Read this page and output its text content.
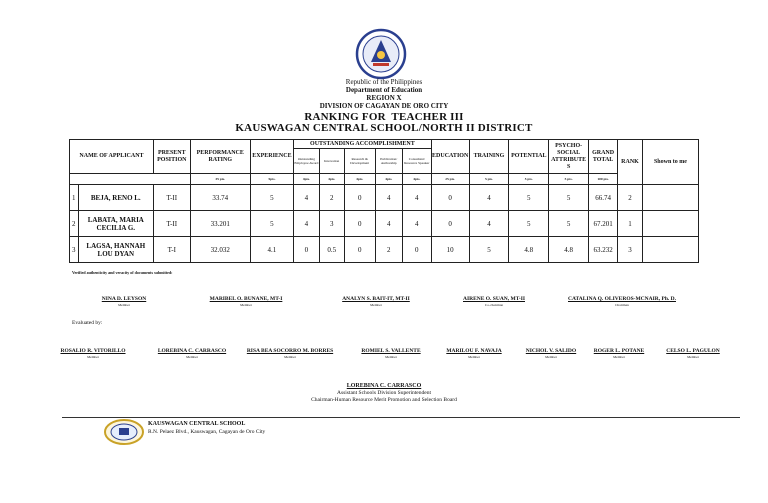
Republic of the Philippines
Department of Education
REGION X
DIVISION OF CAGAYAN DE ORO CITY
RANKING FOR  TEACHER III
KAUSWAGAN CENTRAL SCHOOL/NORTH II DISTRICT
NAME OF APPLICANT		PRESENT POSITION	PERFORMANCE RATING	EXPERIENCE	OUTSTANDING ACCOMPLISHMENT					EDUCATION	TRAINING	POTENTIAL	PSYCHO-SOCIAL ATTRIBUTE S	GRAND TOTAL	RANK	Shown to me
					Outstanding Employee Award	Innovation	Research & Development	Publication/ Authorship	Consultant/ Resource Speaker							
			35 pts.	5pts.	4pts.	4pts.	4pts.	4pts.	4pts.	25 pts.	5 pts.	5 pts.	5 pts.	100 pts.		
1	BEJA, RENO L.	T-II	33.74	5	4	2	0	4	4	0	4	5	5	66.74	2	
2	LABATA, MARIA CECILIA G.	T-II	33.201	5	4	3	0	4	4	0	4	5	5	67.201	1	
3	LAGSA, HANNAH LOU DYAN	T-I	32.032	4.1	0	0.5	0	2	0	10	5	4.8	4.8	63.232	3	
Verified authenticity and veracity of documents submitted:
NINA D. LEYSON
Member
MARIBEL O. BUNANE, MT-I
Member
ANALYN S. BAIT-IT, MT-II
Member
AIRENE O. SUAN, MT-II
Co-chairman
CATALINA Q. OLIVEROS-MCNAIR, Ph. D.
Chairman
Evaluated by:
ROSALIO R. VITORILLO
Member
LOREBINA C. CARRASCO
Member
RISA BEA SOCORRO M. BORRES
Member
ROMIEL S. VALLENTE
Member
MARILOU F. NAVAJA
Member
NICHOL V. SALIDO
Member
ROGER L. POTANE
Member
CELSO L. PAGULON
Member
LOREBINA C. CARRASCO
Assistant Schools Division Superintendent
Chairman-Human Resource Merit Promotion and Selection Board
KAUSWAGAN CENTRAL SCHOOL
R.N. Pelaez Blvd., Kauswagan, Cagayan de Oro City
